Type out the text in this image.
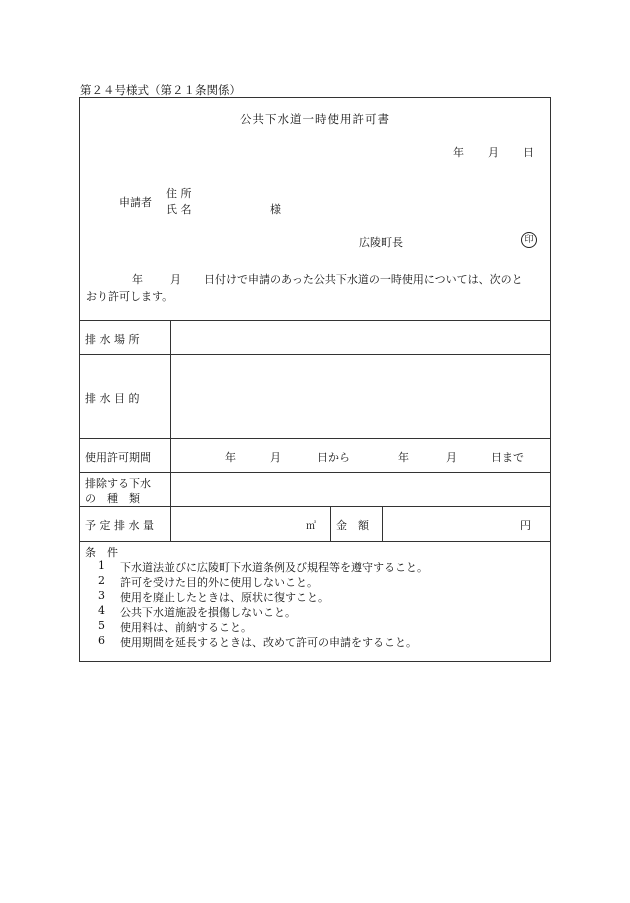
第２４号様式（第２１条関係）
公共下水道一時使用許可書
年 月 日
申請者
住 所
氏 名	様
広陵町長	印
年 月 日付けで申請のあった公共下水道の一時使用については、次のと
おり許可します。
排 水 場 所
排 水 目 的
使用許可期間	年	月	日から	年	月	日まで
排除する下水
の　種　類
予 定 排 水 量	㎥ 金　額	円
条　件
1 下水道法並びに広陵町下水道条例及び規程等を遵守すること。
2 許可を受けた目的外に使用しないこと。
3 使用を廃止したときは、原状に復すこと。
4 公共下水道施設を損傷しないこと。
5 使用料は、前納すること。
6 使用期間を延長するときは、改めて許可の申請をすること。
